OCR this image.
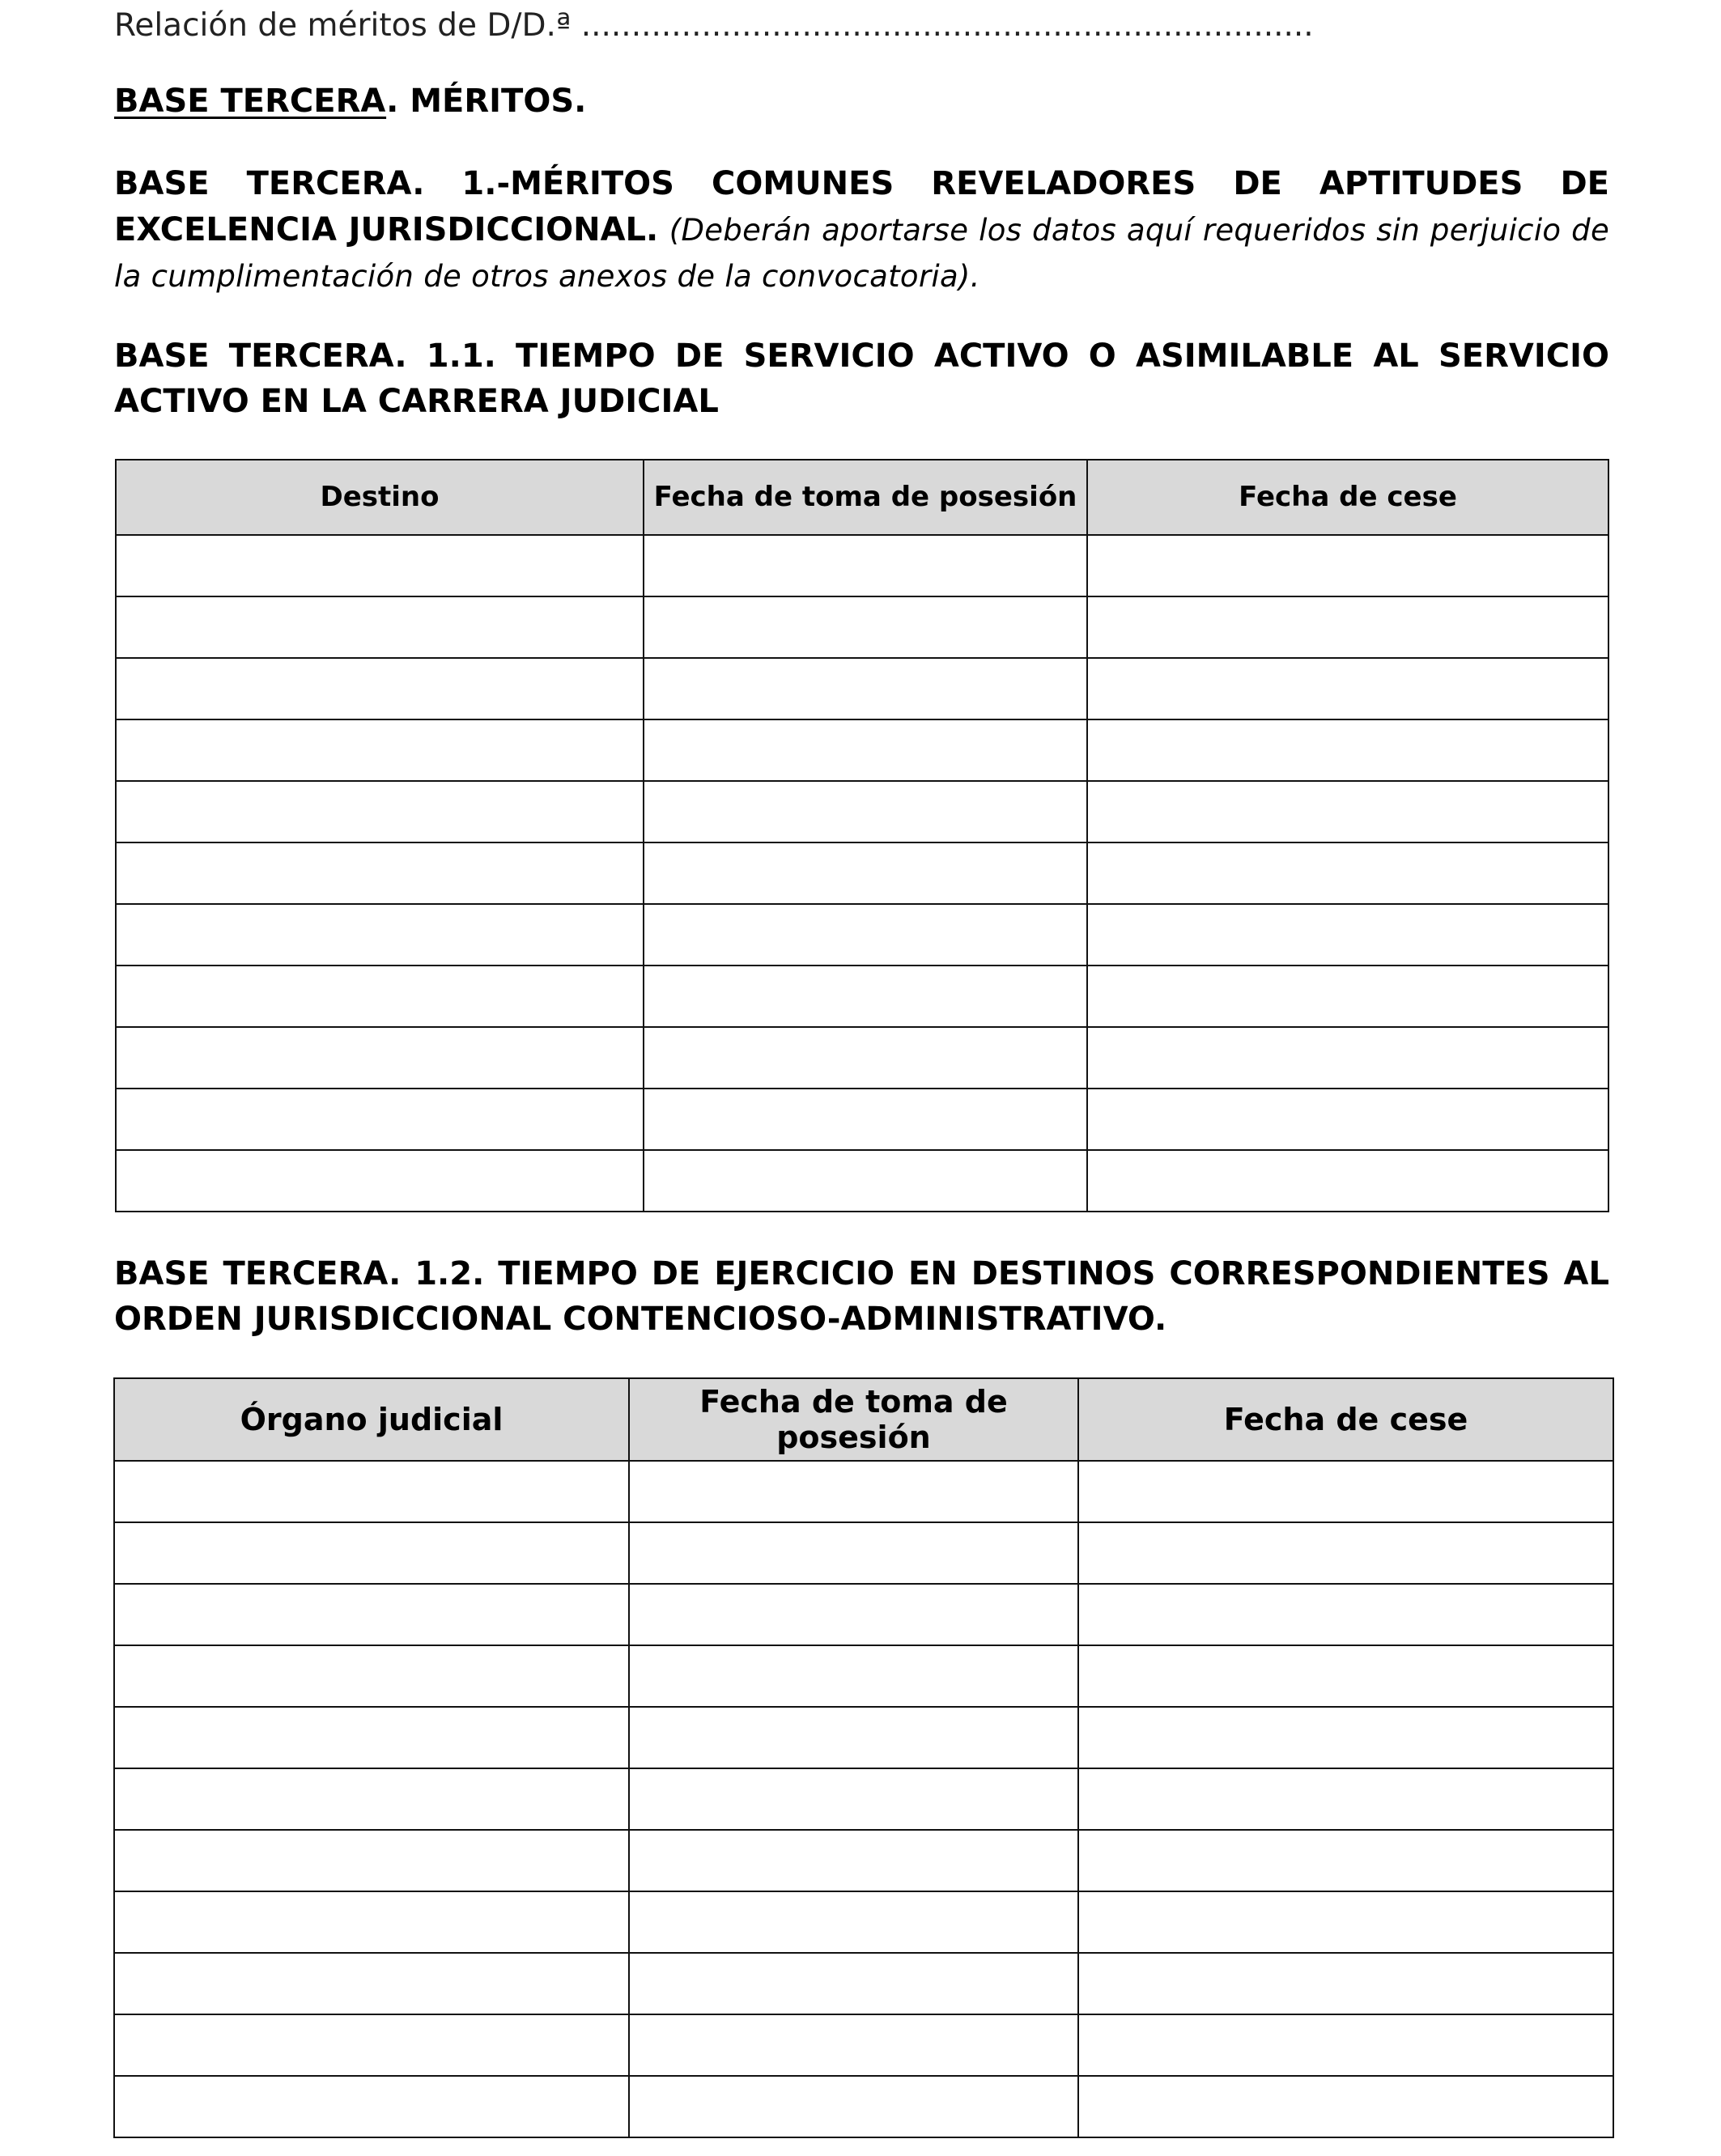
Relación de méritos de D/D.ª .........................................................................
BASE TERCERA. MÉRITOS.
BASE TERCERA. 1.-MÉRITOS COMUNES REVELADORES DE APTITUDES DE EXCELENCIA JURISDICCIONAL. (Deberán aportarse los datos aquí requeridos sin perjuicio de la cumplimentación de otros anexos de la convocatoria).
BASE TERCERA. 1.1. TIEMPO DE SERVICIO ACTIVO O ASIMILABLE AL SERVICIO ACTIVO EN LA CARRERA JUDICIAL
Destino	Fecha de toma de posesión	Fecha de cese

BASE TERCERA. 1.2. TIEMPO DE EJERCICIO EN DESTINOS CORRESPONDIENTES AL ORDEN JURISDICCIONAL CONTENCIOSO-ADMINISTRATIVO.
Órgano judicial	Fecha de toma de posesión	Fecha de cese
